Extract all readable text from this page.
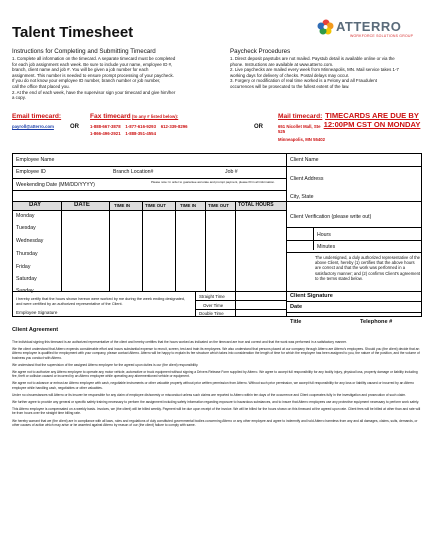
ATTERRO
WORKFORCE SOLUTIONS GROUP
Talent Timesheet
Instructions for Completing and Submitting Timecard

1. Complete all information on the timecard. A separate timecard must be completed

for each job assignment each week. Be sure to include your name, employee ID #,

branch, client name and job #. You will be given a job number for each

assignment. This number is needed to ensure prompt processing of your paycheck.

If you do not know your employee ID number, branch number or job number,

call the office that placed you.

2. At the end of each week, have the supervisor sign your timecard and give him/her

a copy.

Paycheck Procedures

1. Direct deposit paystubs are not mailed. Paystub detail is available online or via the

phone. Instructions are available at www.atterro.com.

2. Live paychecks are mailed every week from Minneapolis, MN. Mail service takes 1-7

working days for delivery of checks. Postal delays may occur.

3. Forgery or modification of real time worked is a Felony and all Fraudulent

occurrences will be prosecuted to the fullest extent of the law.

Email timecard:
payroll@atterro.com	OR
Fax timecard (to any # listed below):
1-888-667-3878 1-877-616-9293 612-339-8296
1-866-496-2921 1-888-351-4554
OR
Mail timecard:
651 Nicollet Mall, Ste 525
Minneapolis, MN 55402
TIMECARDS ARE DUE BY 12:00PM CST ON MONDAY
Employee Name
Employee ID	Branch Location#	Job #
Weekending Date (MM/DD/YYYY)	Please note: In order to guarantee accurate and prompt payment, please fill in all information.
Client Name
Client Address
City, State
DAY	DATE	TIME IN	TIME OUT	TIME IN	TIME OUT TOTAL HOURS
Monday
Tuesday
Wednesday
Thursday
Friday
Saturday
Sunday
Client Verification (please write out)
Hours
Minutes
The undersigned, a duly authorized representative of the above Client, hereby (1) certifies that the above hours are correct and that the work was performed in a satisfactory manner; and (2) confirms Client's agreement to the terms stated below.
Client Signature
Date
I hereby certify that the hours shown hereon were worked by me during the week ending designated, and were certified by an authorized representative of the Client.
Employee Signature
Straight Time
Over Time
Double Time
Title	Telephone #
Client Agreement

The individual signing this timecard is an authorized representative of the client and hereby certifies that the hours worked as indicated on the timecard are true and correct and that the work was performed in a satisfactory manner.

We the client understand that Atterro expends considerable effort and incurs substantial expense to recruit, screen, test and train its employees. We also understand that persons placed at our company through Atterro are Atterro's employees. Should you (the client) decide that an Atterro employee is qualified for employment with your company, please contact Atterro. Atterro will be happy to explain its fee structure which takes into consideration the length of time for which the employee has been assigned to you, the nature of the position, and the volume of business you conduct with Atterro.

We understand that the supervision of the assigned Atterro employee for the agreed upon duties is our (the client) responsibility.

We agree not to authorize any Atterro employee to operate any motor vehicle, automotive or truck equipment without signing a Drivers Release Form supplied by Atterro. We agree to accept full responsibility for any bodily injury, physical loss, property damage or liability including fire, theft or collision caused or incurred by an Atterro employee while operating any aforementioned vehicle or equipment.

We agree not to advance or entrust an Atterro employee with cash, negotiable instruments or other valuable property without prior written permission from Atterro. Without such prior permission, we accept full responsibility for any loss or liability caused or incurred by an Atterro employee while handling cash, negotiables or other valuables.

Under no circumstances will Atterro or its insurer be responsible for any claim of employee dishonesty or misconduct unless such claims are reported to Atterro within ten days of the occurrence and Client cooperates fully in the investigation and prosecution of such claim.

We further agree to provide any general or specific safety training necessary to perform the assignment including safety information regarding exposure to hazardous substances, and to insure that Atterro employees use any protective equipment necessary to perform work safely.

This Atterro employee is compensated on a weekly basis. Invoices, we (the client) will be billed weekly. Payment will be due upon receipt of the invoice. We will be billed for the hours shown on this timecard at the agreed upon rate. Client fees will be billed at other than and rate will be from hours over the straight time billing rate.

We hereby warrant that we (the client) are in compliance with all laws, rules and regulations of duly constituted governmental bodies concerning Atterro or any other employee and agree to indemnify and hold Atterro harmless from any and all damages, claims, suits, demands, or other causes of action which may arise or be asserted against Atterro by reason of our (the client) failure to comply with same.
